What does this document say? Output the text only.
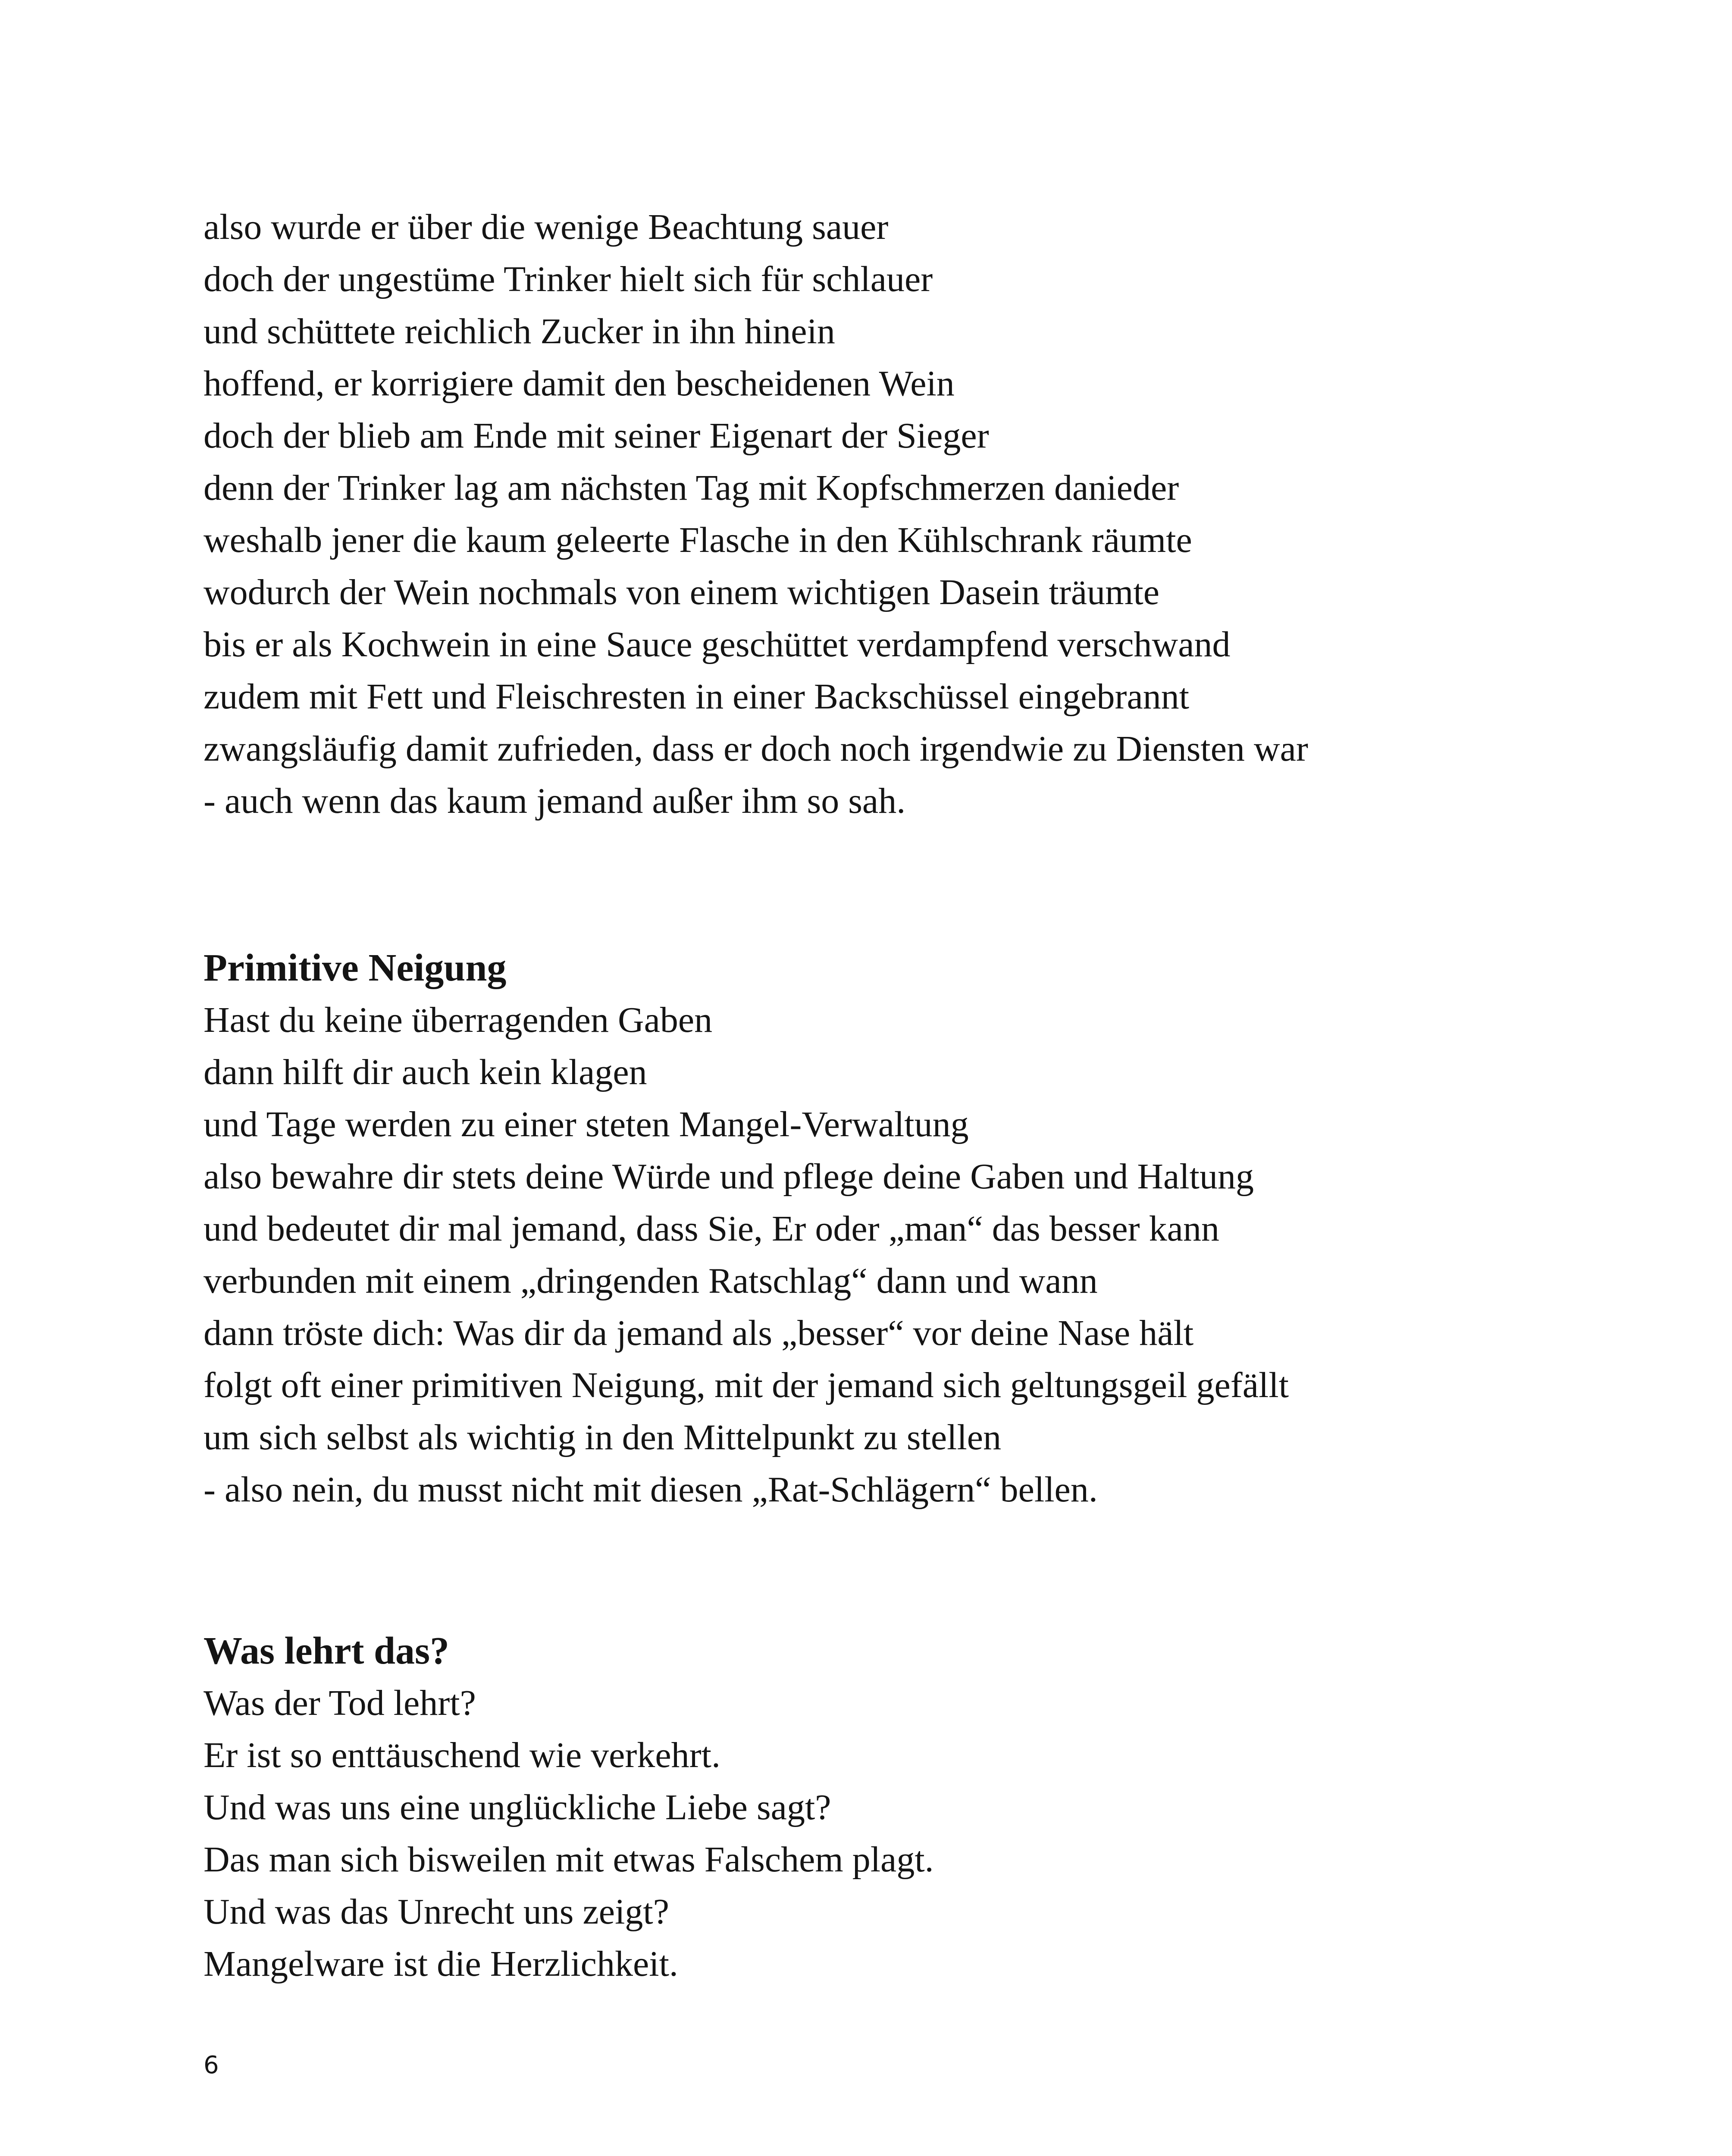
also wurde er über die wenige Beachtung sauer
doch der ungestüme Trinker hielt sich für schlauer
und schüttete reichlich Zucker in ihn hinein
hoffend, er korrigiere damit den bescheidenen Wein
doch der blieb am Ende mit seiner Eigenart der Sieger
denn der Trinker lag am nächsten Tag mit Kopfschmerzen danieder
weshalb jener die kaum geleerte Flasche in den Kühlschrank räumte
wodurch der Wein nochmals von einem wichtigen Dasein träumte
bis er als Kochwein in eine Sauce geschüttet verdampfend verschwand
zudem mit Fett und Fleischresten in einer Backschüssel eingebrannt
zwangsläufig damit zufrieden, dass er doch noch irgendwie zu Diensten war
- auch wenn das kaum jemand außer ihm so sah.
Primitive Neigung
Hast du keine überragenden Gaben
dann hilft dir auch kein klagen
und Tage werden zu einer steten Mangel-Verwaltung
also bewahre dir stets deine Würde und pflege deine Gaben und Haltung
und bedeutet dir mal jemand, dass Sie, Er oder „man“ das besser kann
verbunden mit einem „dringenden Ratschlag“ dann und wann
dann tröste dich: Was dir da jemand als „besser“ vor deine Nase hält
folgt oft einer primitiven Neigung, mit der jemand sich geltungsgeil gefällt
um sich selbst als wichtig in den Mittelpunkt zu stellen
- also nein, du musst nicht mit diesen „Rat-Schlägern“ bellen.
Was lehrt das?
Was der Tod lehrt?
Er ist so enttäuschend wie verkehrt.
Und was uns eine unglückliche Liebe sagt?
Das man sich bisweilen mit etwas Falschem plagt.
Und was das Unrecht uns zeigt?
Mangelware ist die Herzlichkeit.
6
